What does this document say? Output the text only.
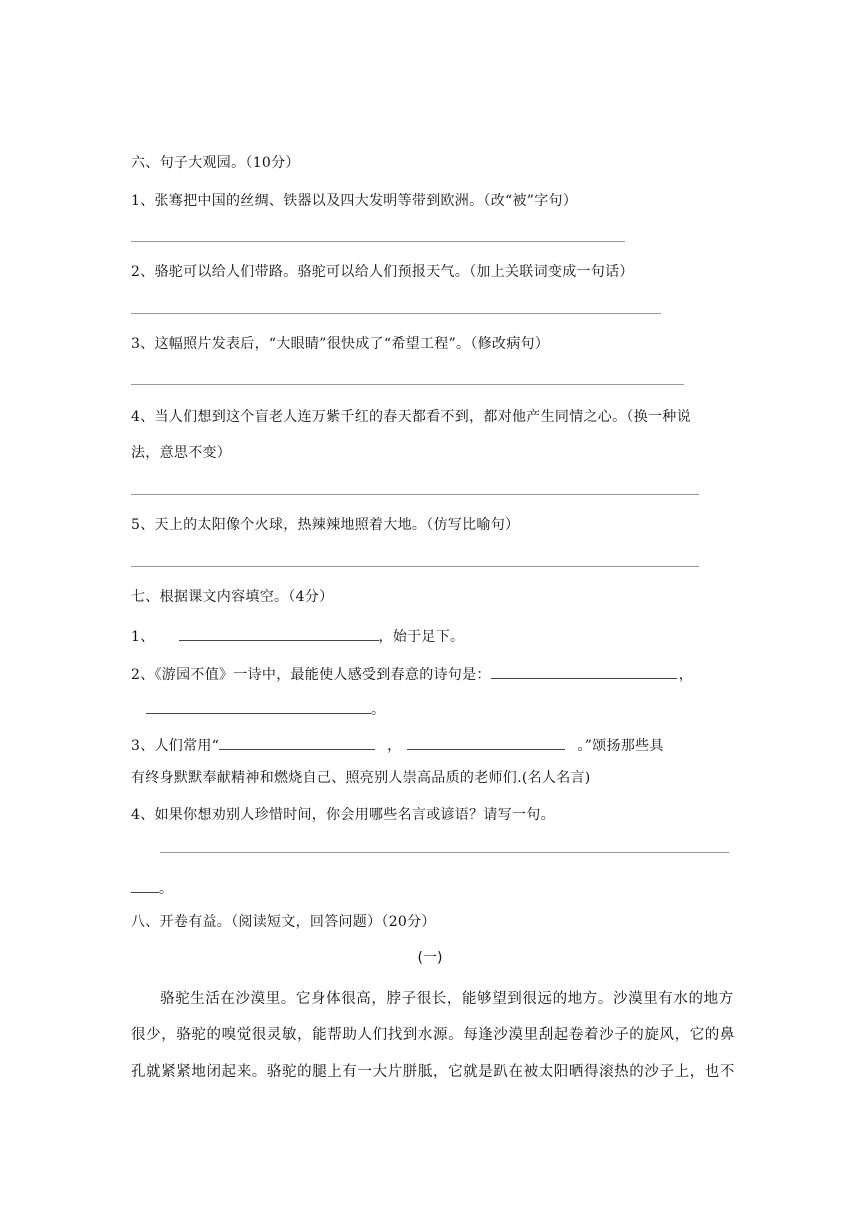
六、句子大观园。（10分）
1、张骞把中国的丝绸、铁器以及四大发明等带到欧洲。（改“被”字句）
2、骆驼可以给人们带路。骆驼可以给人们预报天气。（加上关联词变成一句话）
3、这幅照片发表后，“大眼睛”很快成了“希望工程”。（修改病句）
4、当人们想到这个盲老人连万紫千红的春天都看不到，都对他产生同情之心。（换一种说
法，意思不变）
5、天上的太阳像个火球，热辣辣地照着大地。（仿写比喻句）
七、根据课文内容填空。（4分）
1、	，始于足下。
2、《游园不值》一诗中，最能使人感受到春意的诗句是：	，
。
3、人们常用“	，	。”颂扬那些具
有终身默默奉献精神和燃烧自己、照亮别人崇高品质的老师们.(名人名言)
4、如果你想劝别人珍惜时间，你会用哪些名言或谚语？请写一句。
。
八、开卷有益。（阅读短文，回答问题）（20分）
(一)
骆驼生活在沙漠里。它身体很高，脖子很长，能够望到很远的地方。沙漠里有水的地方
很少，骆驼的嗅觉很灵敏，能帮助人们找到水源。每逢沙漠里刮起卷着沙子的旋风，它的鼻
孔就紧紧地闭起来。骆驼的腿上有一大片胼胝，它就是趴在被太阳晒得滚热的沙子上，也不
